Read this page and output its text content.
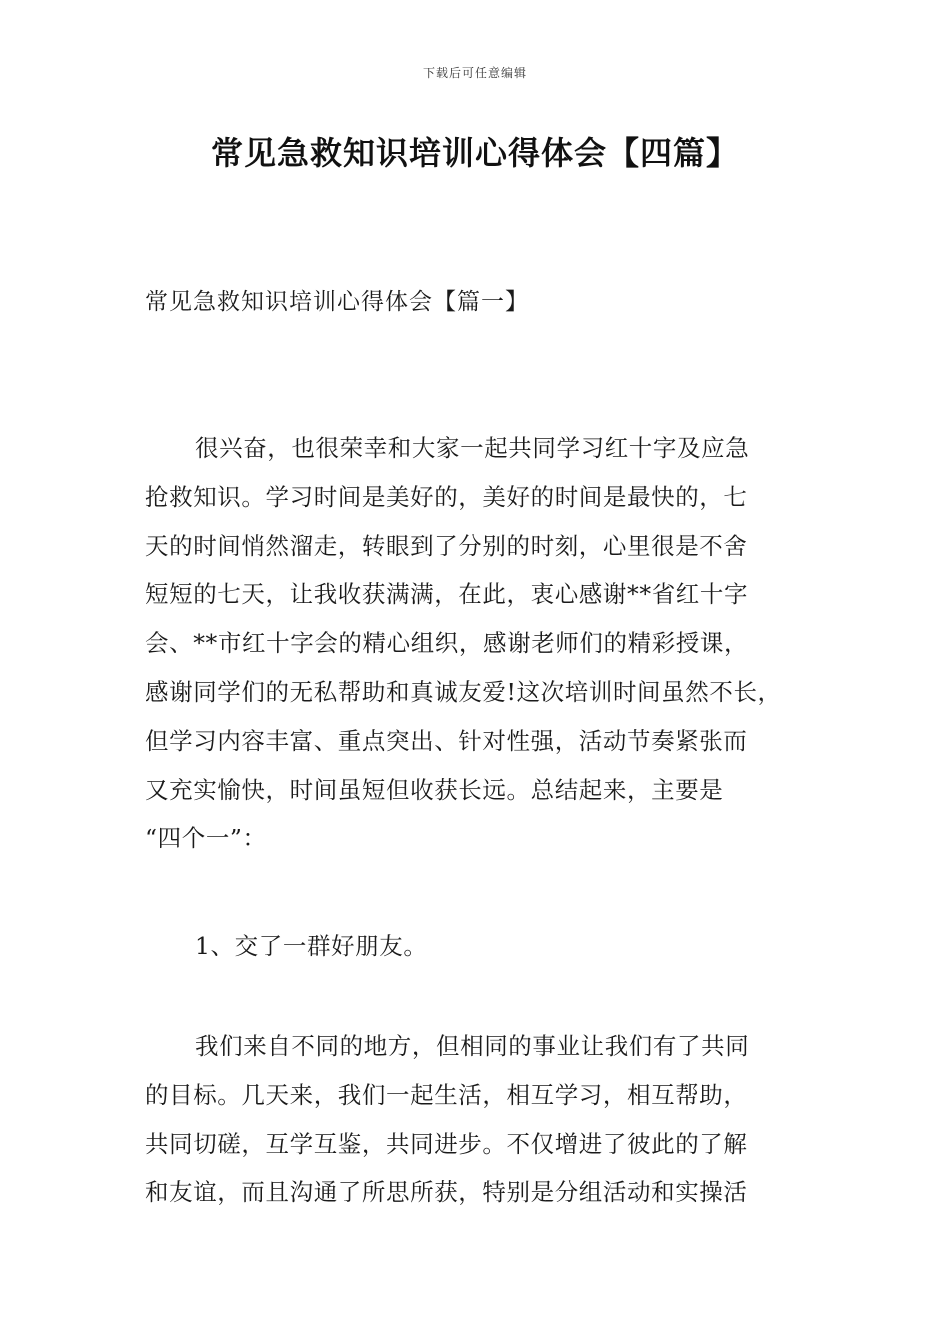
下载后可任意编辑
常见急救知识培训心得体会【四篇】
常见急救知识培训心得体会【篇一】

很兴奋，也很荣幸和大家一起共同学习红十字及应急
抢救知识。学习时间是美好的，美好的时间是最快的，七
天的时间悄然溜走，转眼到了分别的时刻，心里很是不舍
短短的七天，让我收获满满，在此，衷心感谢**省红十字
会、**市红十字会的精心组织，感谢老师们的精彩授课，
感谢同学们的无私帮助和真诚友爱!这次培训时间虽然不长，
但学习内容丰富、重点突出、针对性强，活动节奏紧张而
又充实愉快，时间虽短但收获长远。总结起来，主要是
“四个一”：

1、交了一群好朋友。

我们来自不同的地方，但相同的事业让我们有了共同
的目标。几天来，我们一起生活，相互学习，相互帮助，
共同切磋，互学互鉴，共同进步。不仅增进了彼此的了解
和友谊，而且沟通了所思所获，特别是分组活动和实操活
